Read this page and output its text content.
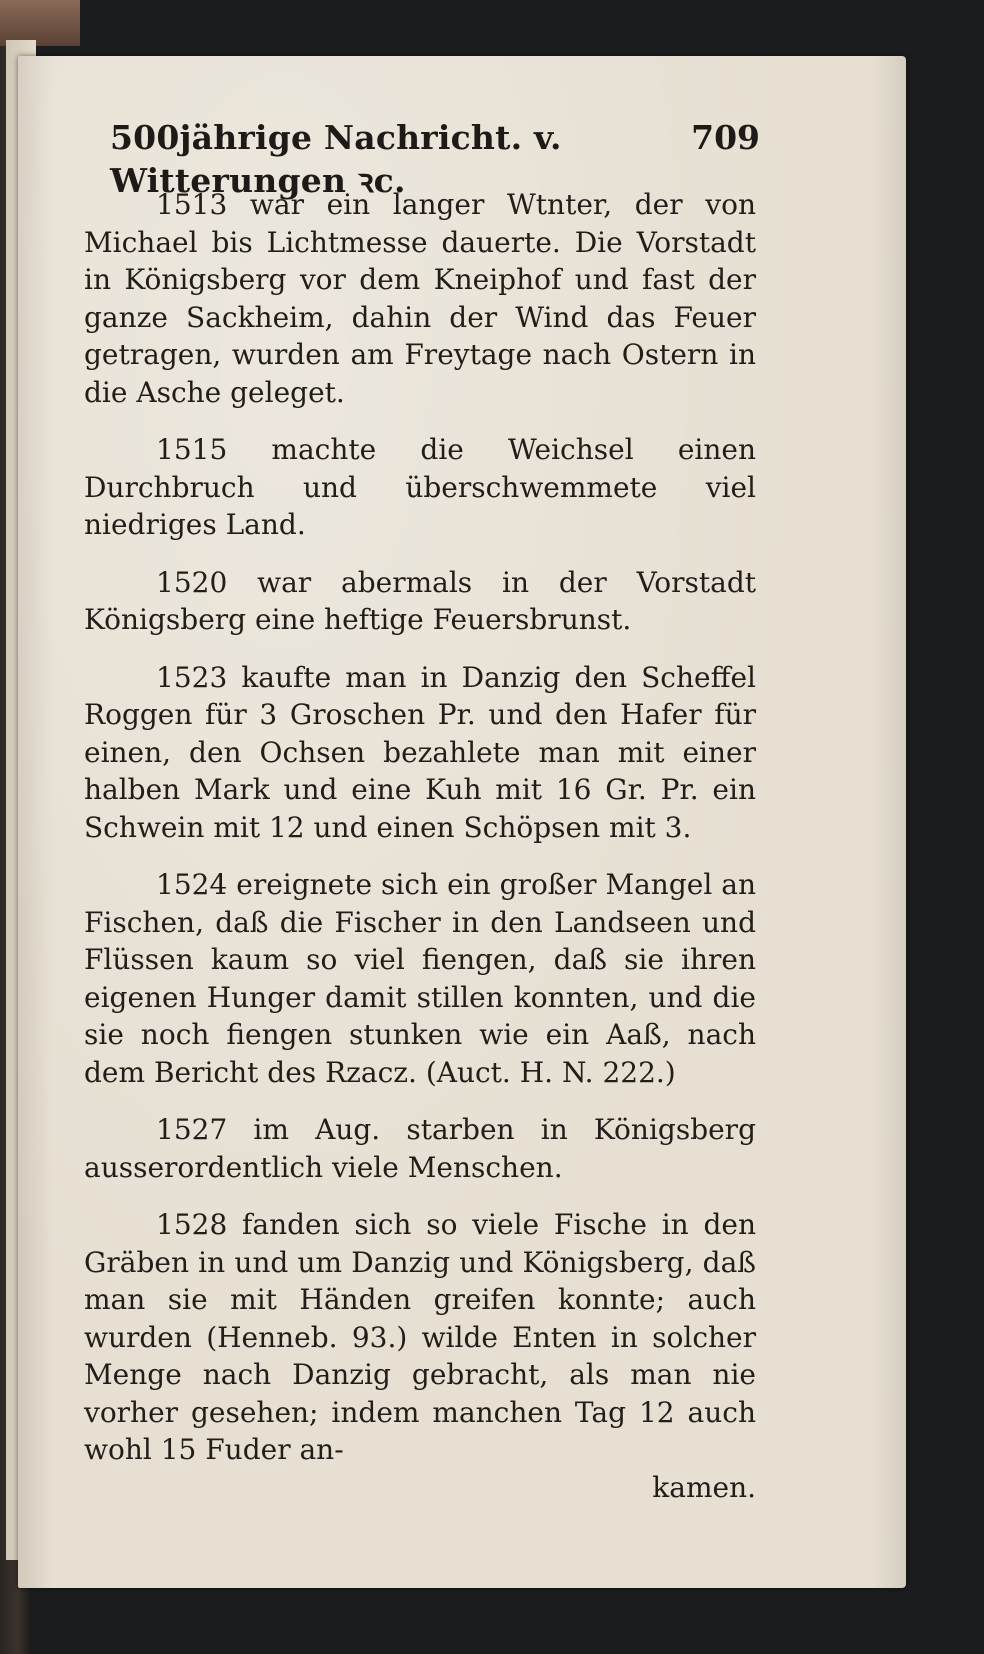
500jährige Nachricht. v. Witterungen ꝛc.
709

1513 war ein langer Wtnter, der von Michael bis Lichtmesse dauerte. Die Vorstadt in Königsberg vor dem Kneiphof und fast der ganze Sackheim, dahin der Wind das Feuer getragen, wurden am Freytage nach Ostern in die Asche geleget.

1515 machte die Weichsel einen Durchbruch und überschwemmete viel niedriges Land.

1520 war abermals in der Vorstadt Königsberg eine heftige Feuersbrunst.

1523 kaufte man in Danzig den Scheffel Roggen für 3 Groschen Pr. und den Hafer für einen, den Ochsen bezahlete man mit einer halben Mark und eine Kuh mit 16 Gr. Pr. ein Schwein mit 12 und einen Schöpsen mit 3.

1524 ereignete sich ein großer Mangel an Fischen, daß die Fischer in den Landseen und Flüssen kaum so viel fiengen, daß sie ihren eigenen Hunger damit stillen konnten, und die sie noch fiengen stunken wie ein Aaß, nach dem Bericht des Rzacz. (Auct. H. N. 222.)

1527 im Aug. starben in Königsberg ausserordentlich viele Menschen.

1528 fanden sich so viele Fische in den Gräben in und um Danzig und Königsberg, daß man sie mit Händen greifen konnte; auch wurden (Henneb. 93.) wilde Enten in solcher Menge nach Danzig gebracht, als man nie vorher gesehen; indem manchen Tag 12 auch wohl 15 Fuder an-
kamen.
